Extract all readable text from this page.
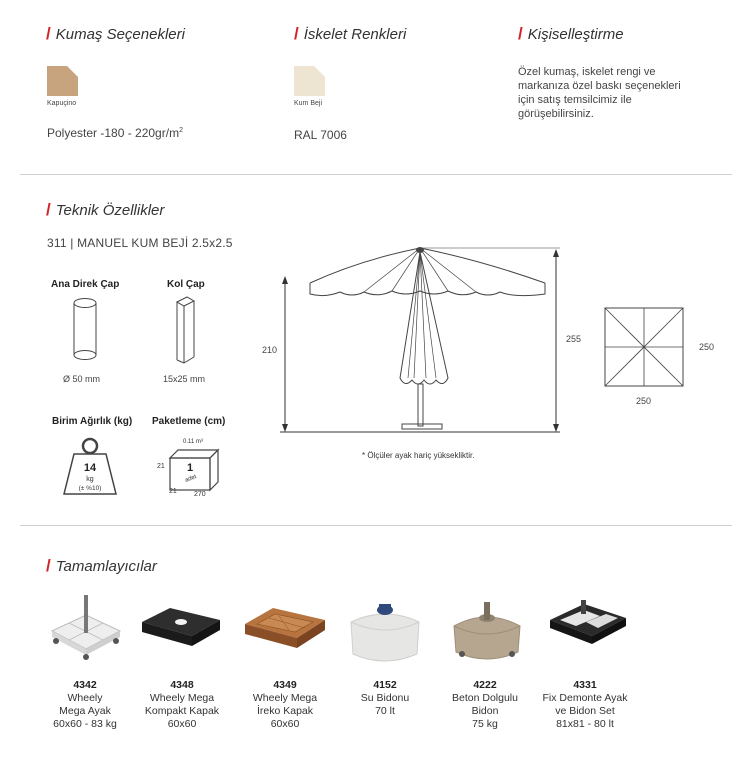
/ Kumaş Seçenekleri
Kapuçino
Polyester $-180 - 220gr/m^2$
/ İskelet Renkleri
Kum Beji
RAL 7006
/ Kişiselleştirme
Özel kumaş, iskelet rengi ve markanıza özel baskı seçenekleri için satış temsilcimiz ile görüşebilirsiniz.
/ Teknik Özellikler
311 | MANUEL KUM BEJİ 2.5x2.5
Ana Direk Çap
Ø 50 mm
Kol Çap
15x25 mm
Birim Ağırlık (kg)
14
kg
(± %10)
Paketleme (cm)
0.11 m³
1
adet
21
21 270
210
255
* Ölçüler ayak hariç yüksekliktir.
250
250
/ Tamamlayıcılar
4342
Wheely
Mega Ayak
60x60 - 83 kg
4348
Wheely Mega
Kompakt Kapak
60x60
4349
Wheely Mega
İreko Kapak
60x60
4152
Su Bidonu
70 lt
4222
Beton Dolgulu
Bidon
75 kg
4331
Fix Demonte Ayak
ve Bidon Set
81x81 - 80 lt
